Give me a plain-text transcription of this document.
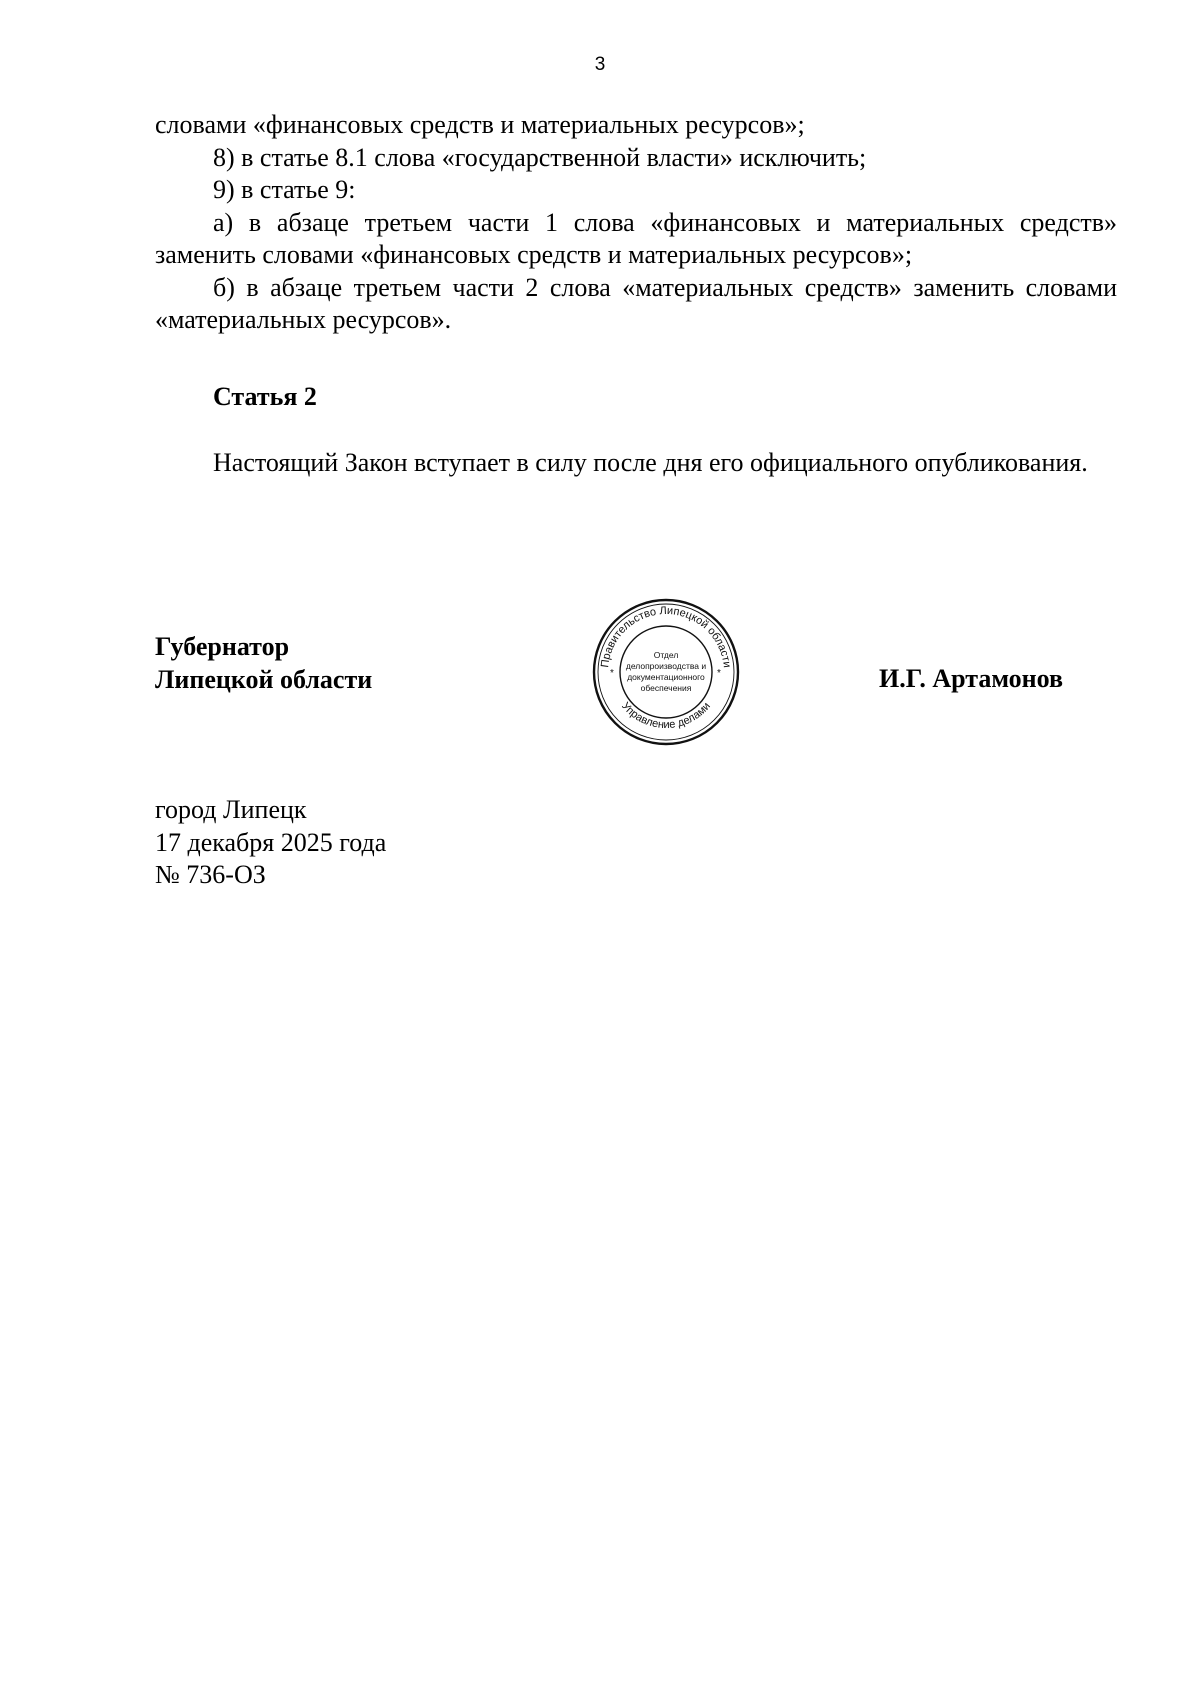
3

словами «финансовых средств и материальных ресурсов»;

8) в статье 8.1 слова «государственной власти» исключить;

9) в статье 9:

а) в абзаце третьем части 1 слова «финансовых и материальных средств» заменить словами «финансовых средств и материальных ресурсов»;

б) в абзаце третьем части 2 слова «материальных средств» заменить словами «материальных ресурсов».

Статья 2

Настоящий Закон вступает в силу после дня его официального опубликования.

Губернатор
Липецкой области
Правительство Липецкой области
Управление делами
*	*
Отдел
делопроизводства и
документационного
обеспечения	И.Г. Артамонов
город Липецк
17 декабря 2025 года
№ 736-ОЗ
